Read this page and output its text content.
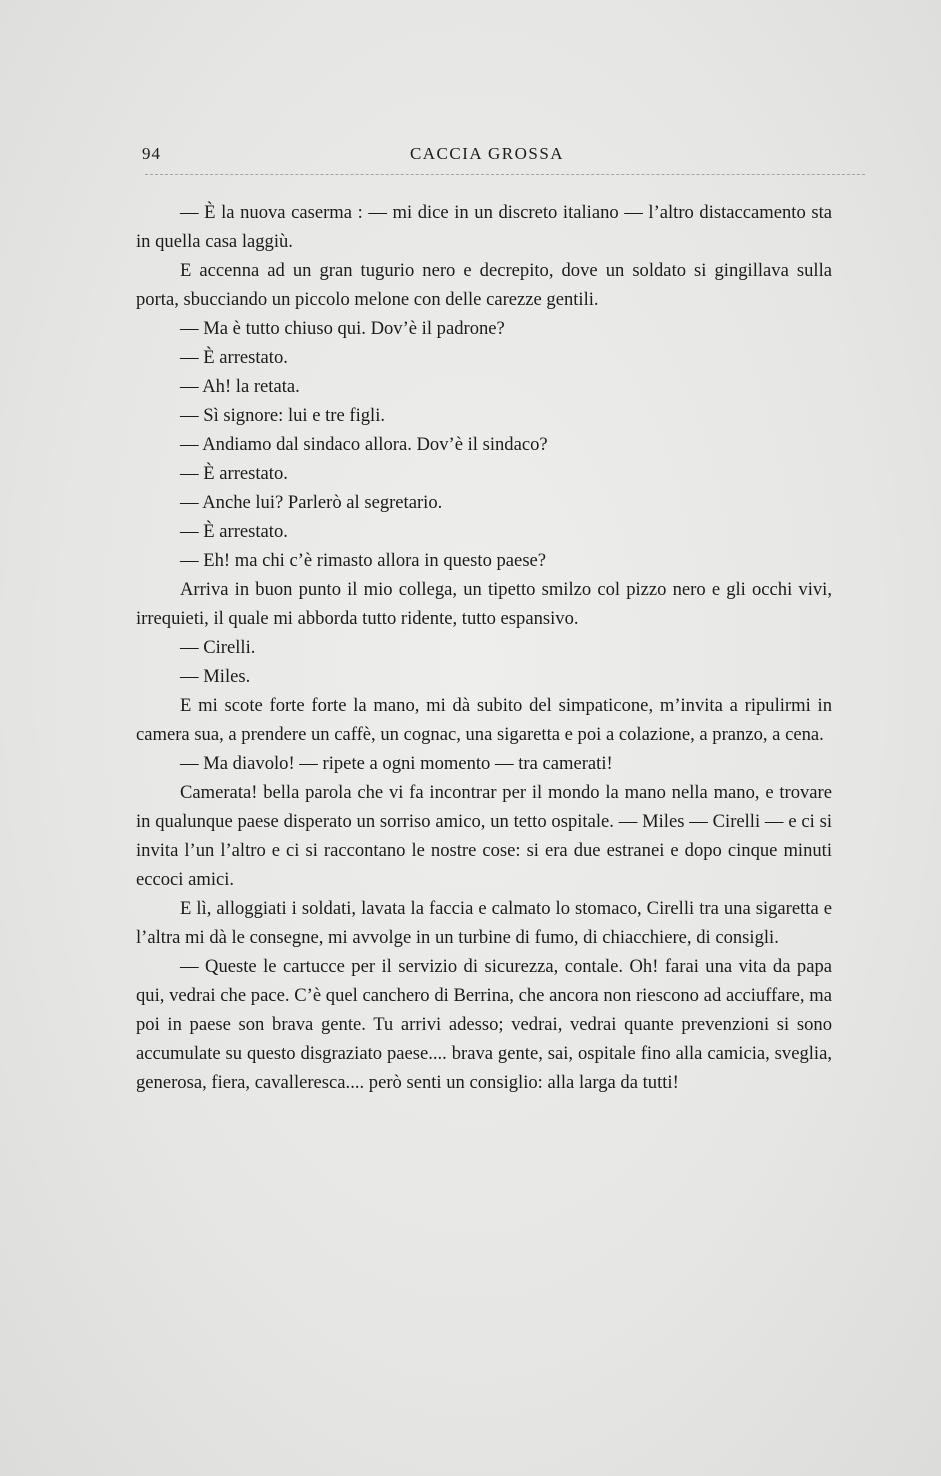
94	CACCIA GROSSA

— È la nuova caserma : — mi dice in un discreto italiano — l’altro distaccamento sta in quella casa laggiù.

E accenna ad un gran tugurio nero e decrepito, dove un soldato si gingillava sulla porta, sbucciando un piccolo melone con delle carezze gentili.

— Ma è tutto chiuso qui. Dov’è il padrone?

— È arrestato.

— Ah! la retata.

— Sì signore: lui e tre figli.

— Andiamo dal sindaco allora. Dov’è il sindaco?

— È arrestato.

— Anche lui? Parlerò al segretario.

— È arrestato.

— Eh! ma chi c’è rimasto allora in questo paese?

Arriva in buon punto il mio collega, un tipetto smilzo col pizzo nero e gli occhi vivi, irrequieti, il quale mi abborda tutto ridente, tutto espansivo.

— Cirelli.

— Miles.

E mi scote forte forte la mano, mi dà subito del simpaticone, m’invita a ripulirmi in camera sua, a prendere un caffè, un cognac, una sigaretta e poi a colazione, a pranzo, a cena.

— Ma diavolo! — ripete a ogni momento — tra camerati!

Camerata! bella parola che vi fa incontrar per il mondo la mano nella mano, e trovare in qualunque paese disperato un sorriso amico, un tetto ospitale. — Miles — Cirelli — e ci si invita l’un l’altro e ci si raccontano le nostre cose: si era due estranei e dopo cinque minuti eccoci amici.

E lì, alloggiati i soldati, lavata la faccia e calmato lo stomaco, Cirelli tra una sigaretta e l’altra mi dà le consegne, mi avvolge in un turbine di fumo, di chiacchiere, di consigli.

— Queste le cartucce per il servizio di sicurezza, contale. Oh! farai una vita da papa qui, vedrai che pace. C’è quel canchero di Berrina, che ancora non riescono ad acciuffare, ma poi in paese son brava gente. Tu arrivi adesso; vedrai, vedrai quante prevenzioni si sono accumulate su questo disgraziato paese.... brava gente, sai, ospitale fino alla camicia, sveglia, generosa, fiera, cavalleresca.... però senti un consiglio: alla larga da tutti!
